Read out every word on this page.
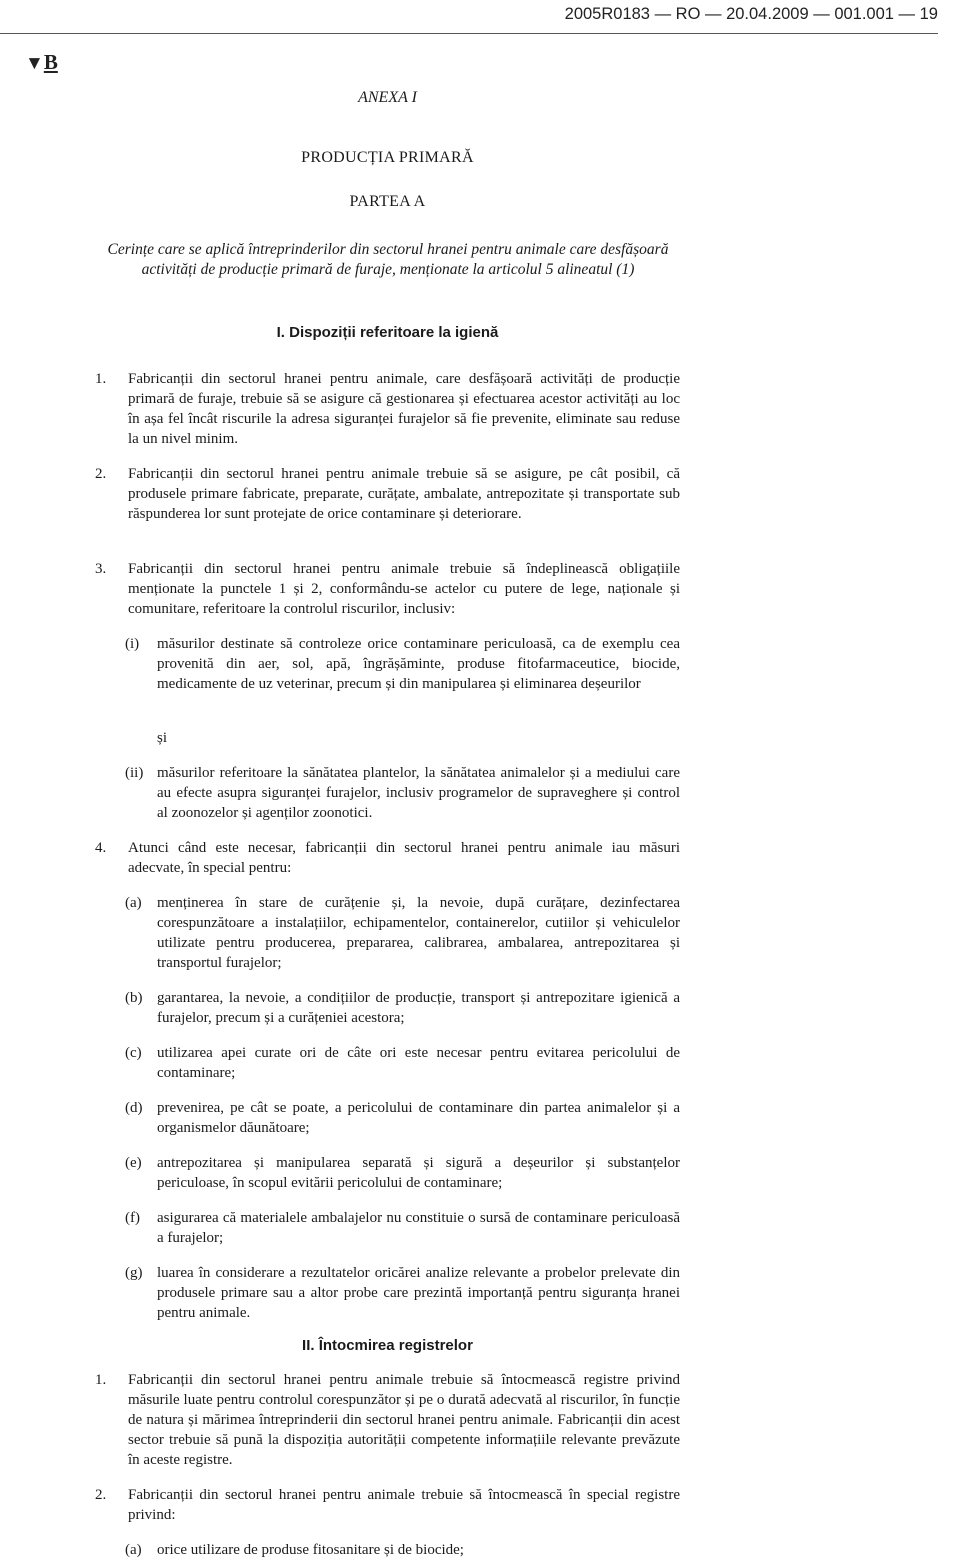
2005R0183 — RO — 20.04.2009 — 001.001 — 19
▼B
ANEXA I
PRODUCȚIA PRIMARĂ
PARTEA A
Cerințe care se aplică întreprinderilor din sectorul hranei pentru animale care desfășoară activități de producție primară de furaje, menționate la articolul 5 alineatul (1)
I. Dispoziții referitoare la igienă
1. Fabricanții din sectorul hranei pentru animale, care desfășoară activități de producție primară de furaje, trebuie să se asigure că gestionarea și efectuarea acestor activități au loc în așa fel încât riscurile la adresa siguranței furajelor să fie prevenite, eliminate sau reduse la un nivel minim.
2. Fabricanții din sectorul hranei pentru animale trebuie să se asigure, pe cât posibil, că produsele primare fabricate, preparate, curățate, ambalate, antrepozitate și transportate sub răspunderea lor sunt protejate de orice contaminare și deteriorare.
3. Fabricanții din sectorul hranei pentru animale trebuie să îndeplinească obligațiile menționate la punctele 1 și 2, conformându-se actelor cu putere de lege, naționale și comunitare, referitoare la controlul riscurilor, inclusiv:
(i) măsurilor destinate să controleze orice contaminare periculoasă, ca de exemplu cea provenită din aer, sol, apă, îngrășăminte, produse fitofarmaceutice, biocide, medicamente de uz veterinar, precum și din manipularea și eliminarea deșeurilor
și
(ii) măsurilor referitoare la sănătatea plantelor, la sănătatea animalelor și a mediului care au efecte asupra siguranței furajelor, inclusiv programelor de supraveghere și control al zoonozelor și agenților zoonotici.
4. Atunci când este necesar, fabricanții din sectorul hranei pentru animale iau măsuri adecvate, în special pentru:
(a) menținerea în stare de curățenie și, la nevoie, după curățare, dezinfectarea corespunzătoare a instalațiilor, echipamentelor, containerelor, cutiilor și vehiculelor utilizate pentru producerea, prepararea, calibrarea, ambalarea, antrepozitarea și transportul furajelor;
(b) garantarea, la nevoie, a condițiilor de producție, transport și antrepozitare igienică a furajelor, precum și a curățeniei acestora;
(c) utilizarea apei curate ori de câte ori este necesar pentru evitarea pericolului de contaminare;
(d) prevenirea, pe cât se poate, a pericolului de contaminare din partea animalelor și a organismelor dăunătoare;
(e) antrepozitarea și manipularea separată și sigură a deșeurilor și substanțelor periculoase, în scopul evitării pericolului de contaminare;
(f) asigurarea că materialele ambalajelor nu constituie o sursă de contaminare periculoasă a furajelor;
(g) luarea în considerare a rezultatelor oricărei analize relevante a probelor prelevate din produsele primare sau a altor probe care prezintă importanță pentru siguranța hranei pentru animale.
II. Întocmirea registrelor
1. Fabricanții din sectorul hranei pentru animale trebuie să întocmească registre privind măsurile luate pentru controlul corespunzător și pe o durată adecvată al riscurilor, în funcție de natura și mărimea întreprinderii din sectorul hranei pentru animale. Fabricanții din acest sector trebuie să pună la dispoziția autorității competente informațiile relevante prevăzute în aceste registre.
2. Fabricanții din sectorul hranei pentru animale trebuie să întocmească în special registre privind:
(a) orice utilizare de produse fitosanitare și de biocide;
